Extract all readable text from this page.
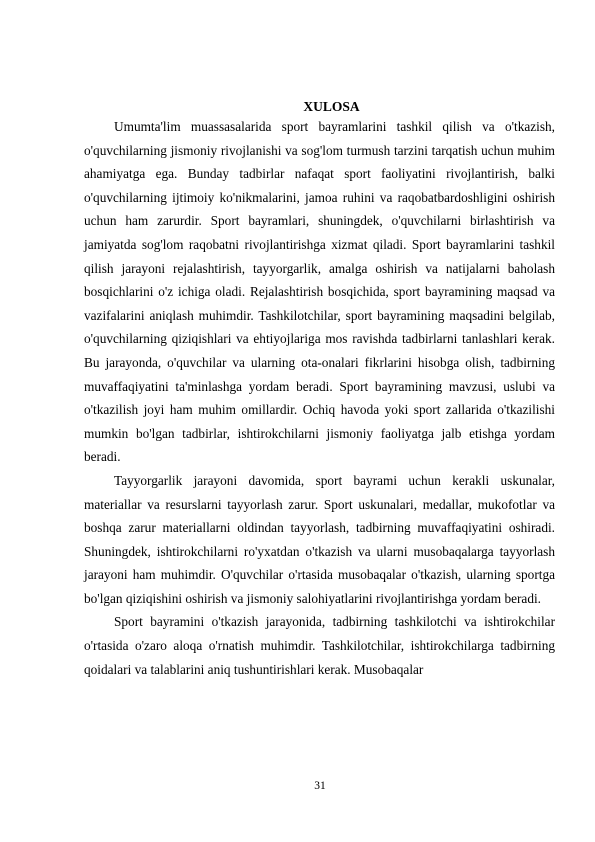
XULOSA

Umumta'lim muassasalarida sport bayramlarini tashkil qilish va o'tkazish, o'quvchilarning jismoniy rivojlanishi va sog'lom turmush tarzini tarqatish uchun muhim ahamiyatga ega. Bunday tadbirlar nafaqat sport faoliyatini rivojlantirish, balki o'quvchilarning ijtimoiy ko'nikmalarini, jamoa ruhini va raqobatbardoshligini oshirish uchun ham zarurdir. Sport bayramlari, shuningdek, o'quvchilarni birlashtirish va jamiyatda sog'lom raqobatni rivojlantirishga xizmat qiladi. Sport bayramlarini tashkil qilish jarayoni rejalashtirish, tayyorgarlik, amalga oshirish va natijalarni baholash bosqichlarini o'z ichiga oladi. Rejalashtirish bosqichida, sport bayramining maqsad va vazifalarini aniqlash muhimdir. Tashkilotchilar, sport bayramining maqsadini belgilab, o'quvchilarning qiziqishlari va ehtiyojlariga mos ravishda tadbirlarni tanlashlari kerak. Bu jarayonda, o'quvchilar va ularning ota-onalari fikrlarini hisobga olish, tadbirning muvaffaqiyatini ta'minlashga yordam beradi. Sport bayramining mavzusi, uslubi va o'tkazilish joyi ham muhim omillardir. Ochiq havoda yoki sport zallarida o'tkazilishi mumkin bo'lgan tadbirlar, ishtirokchilarni jismoniy faoliyatga jalb etishga yordam beradi.

Tayyorgarlik jarayoni davomida, sport bayrami uchun kerakli uskunalar, materiallar va resurslarni tayyorlash zarur. Sport uskunalari, medallar, mukofotlar va boshqa zarur materiallarni oldindan tayyorlash, tadbirning muvaffaqiyatini oshiradi. Shuningdek, ishtirokchilarni ro'yxatdan o'tkazish va ularni musobaqalarga tayyorlash jarayoni ham muhimdir. O'quvchilar o'rtasida musobaqalar o'tkazish, ularning sportga bo'lgan qiziqishini oshirish va jismoniy salohiyatlarini rivojlantirishga yordam beradi.

Sport bayramini o'tkazish jarayonida, tadbirning tashkilotchi va ishtirokchilar o'rtasida o'zaro aloqa o'rnatish muhimdir. Tashkilotchilar, ishtirokchilarga tadbirning qoidalari va talablarini aniq tushuntirishlari kerak. Musobaqalar

31
